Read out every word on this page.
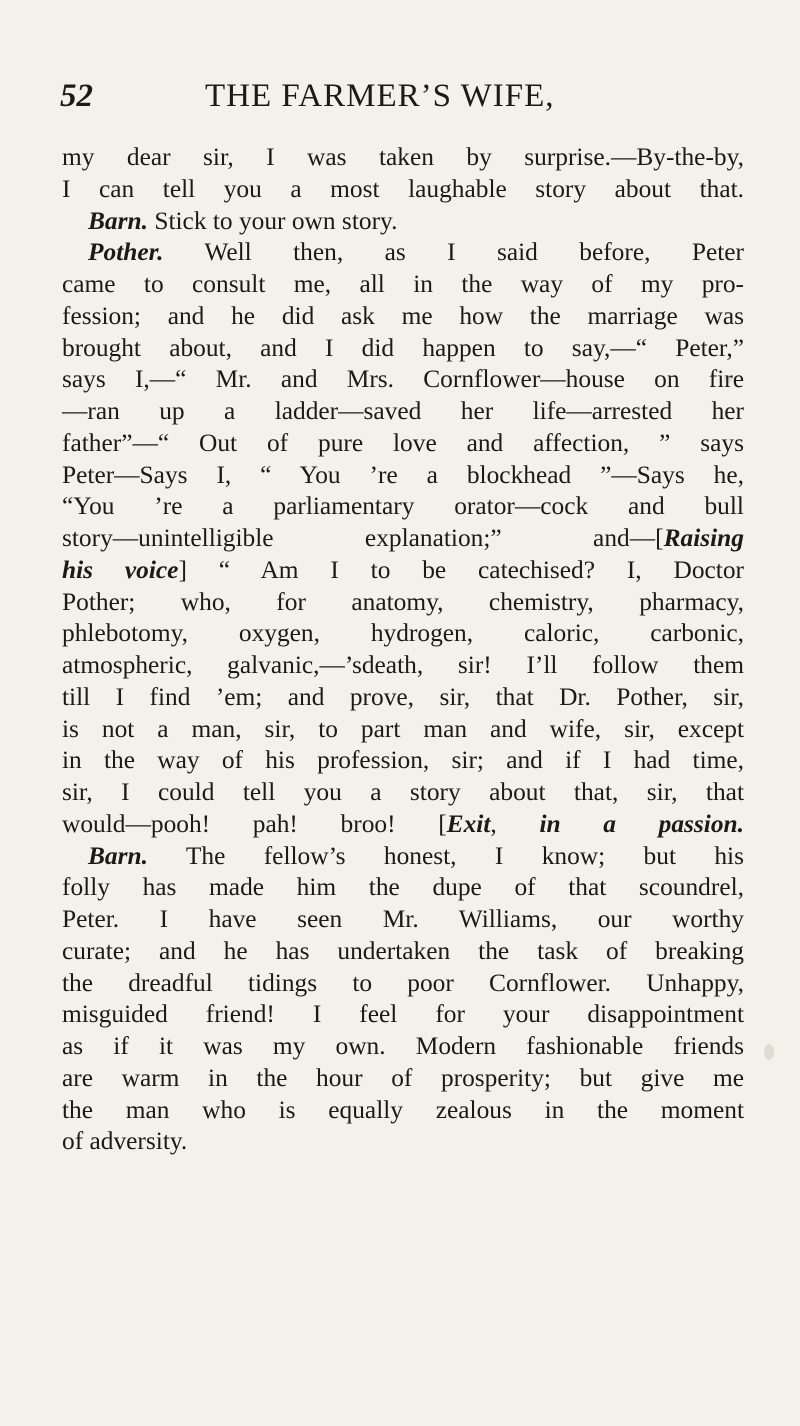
52	THE FARMER’S WIFE,
my dear sir, I was taken by surprise.—By-the-by,
I can tell you a most laughable story about that.
Barn. Stick to your own story.
Pother. Well then, as I said before, Peter
came to consult me, all in the way of my pro-
fession; and he did ask me how the marriage was
brought about, and I did happen to say,—“ Peter,”
says I,—“ Mr. and Mrs. Cornflower—house on fire
—ran up a ladder—saved her life—arrested her
father”—“ Out of pure love and affection, ” says
Peter—Says I, “ You ’re a blockhead ”—Says he,
“You ’re a parliamentary orator—cock and bull
story—unintelligible explanation;” and—[Raising
his voice] “ Am I to be catechised? I, Doctor
Pother; who, for anatomy, chemistry, pharmacy,
phlebotomy, oxygen, hydrogen, caloric, carbonic,
atmospheric, galvanic,—’sdeath, sir! I’ll follow them
till I find ’em; and prove, sir, that Dr. Pother, sir,
is not a man, sir, to part man and wife, sir, except
in the way of his profession, sir; and if I had time,
sir, I could tell you a story about that, sir, that
would—pooh! pah! broo! [Exit, in a passion.
Barn. The fellow’s honest, I know; but his
folly has made him the dupe of that scoundrel,
Peter. I have seen Mr. Williams, our worthy
curate; and he has undertaken the task of breaking
the dreadful tidings to poor Cornflower. Unhappy,
misguided friend! I feel for your disappointment
as if it was my own. Modern fashionable friends
are warm in the hour of prosperity; but give me
the man who is equally zealous in the moment
of adversity.
